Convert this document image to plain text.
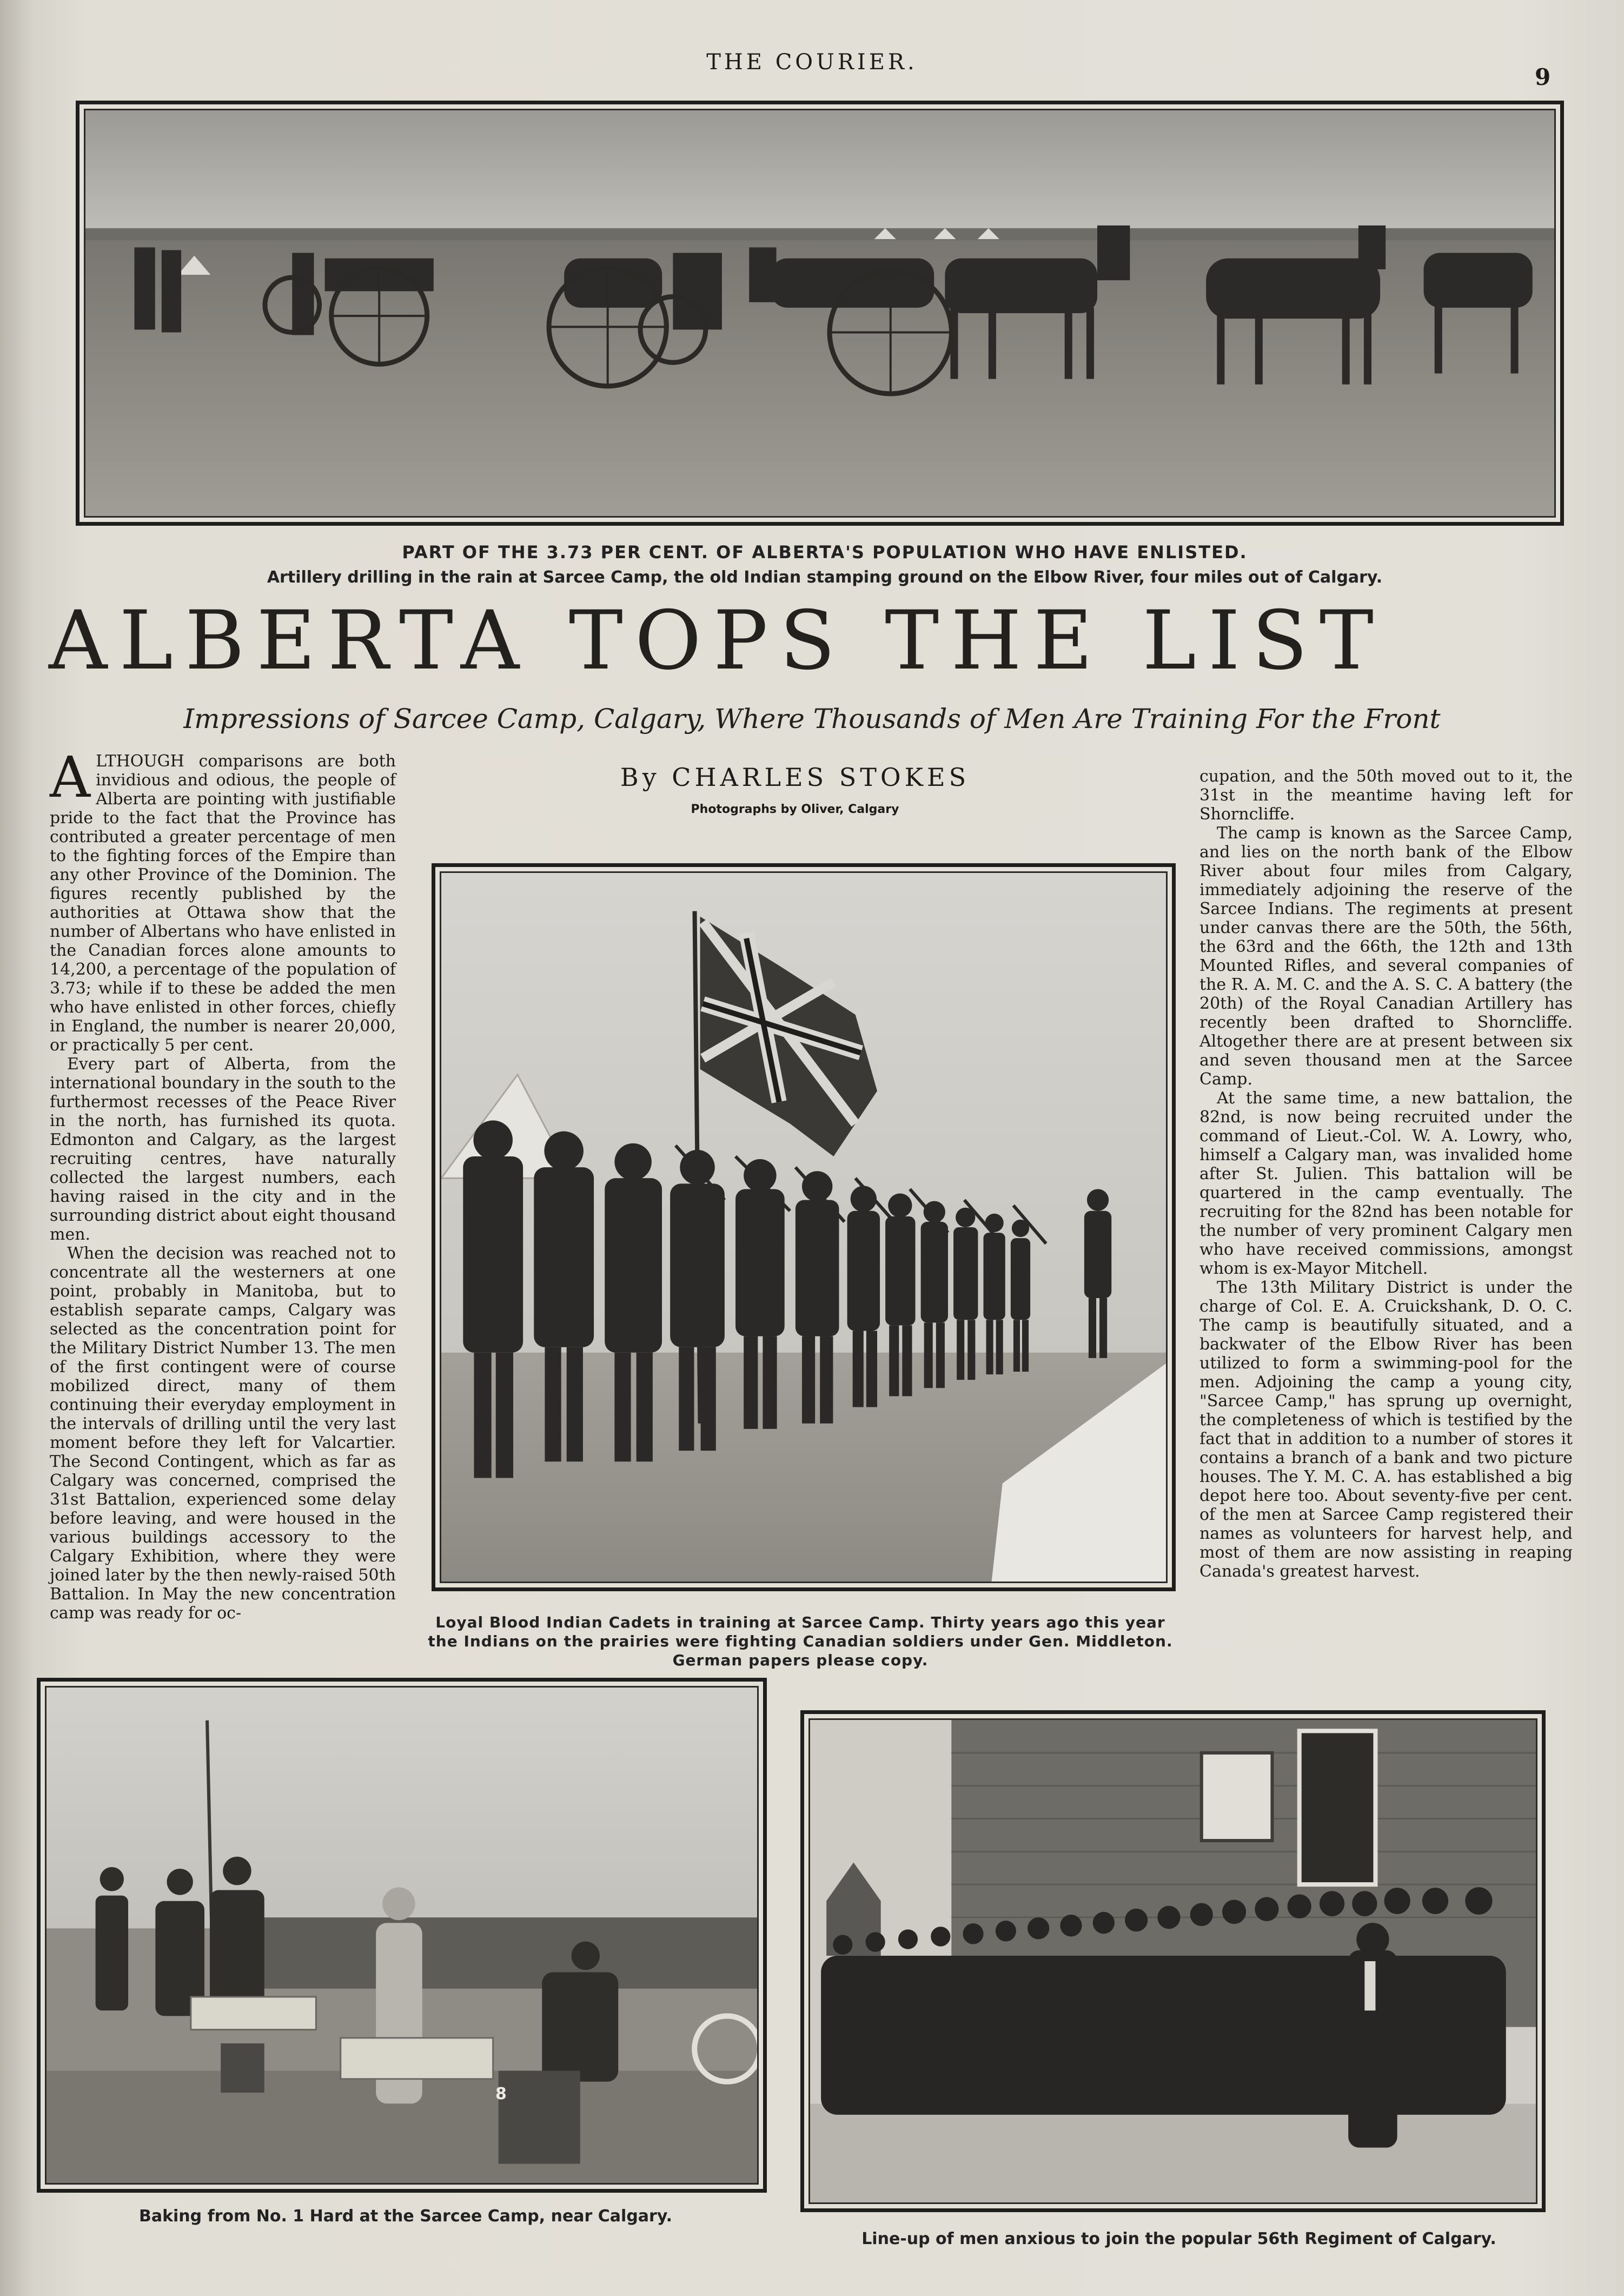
THE COURIER.
9
PART OF THE 3.73 PER CENT. OF ALBERTA'S POPULATION WHO HAVE ENLISTED.
Artillery drilling in the rain at Sarcee Camp, the old Indian stamping ground on the Elbow River, four miles out of Calgary.
ALBERTA TOPS THE LIST
Impressions of Sarcee Camp, Calgary, Where Thousands of Men Are Training For the Front
By CHARLES STOKES
Photographs by Oliver, Calgary

ALTHOUGH comparisons are both invidious and odious, the people of Alberta are pointing with justifiable pride to the fact that the Province has contributed a greater percentage of men to the fighting forces of the Empire than any other Province of the Dominion. The figures recently published by the authorities at Ottawa show that the number of Albertans who have enlisted in the Canadian forces alone amounts to 14,200, a percentage of the population of 3.73; while if to these be added the men who have enlisted in other forces, chiefly in England, the number is nearer 20,000, or practically 5 per cent.

Every part of Alberta, from the international boundary in the south to the furthermost recesses of the Peace River in the north, has furnished its quota. Edmonton and Calgary, as the largest recruiting centres, have naturally collected the largest numbers, each having raised in the city and in the surrounding district about eight thousand men.

When the decision was reached not to concentrate all the westerners at one point, probably in Manitoba, but to establish separate camps, Calgary was selected as the concentration point for the Military District Number 13. The men of the first contingent were of course mobilized direct, many of them continuing their everyday employment in the intervals of drilling until the very last moment before they left for Valcartier. The Second Contingent, which as far as Calgary was concerned, comprised the 31st Battalion, experienced some delay before leaving, and were housed in the various buildings accessory to the Calgary Exhibition, where they were joined later by the then newly-raised 50th Battalion. In May the new concentration camp was ready for oc-

cupation, and the 50th moved out to it, the 31st in the meantime having left for Shorncliffe.

The camp is known as the Sarcee Camp, and lies on the north bank of the Elbow River about four miles from Calgary, immediately adjoining the reserve of the Sarcee Indians. The regiments at present under canvas there are the 50th, the 56th, the 63rd and the 66th, the 12th and 13th Mounted Rifles, and several companies of the R. A. M. C. and the A. S. C. A battery (the 20th) of the Royal Canadian Artillery has recently been drafted to Shorncliffe. Altogether there are at present between six and seven thousand men at the Sarcee Camp.

At the same time, a new battalion, the 82nd, is now being recruited under the command of Lieut.-Col. W. A. Lowry, who, himself a Calgary man, was invalided home after St. Julien. This battalion will be quartered in the camp eventually. The recruiting for the 82nd has been notable for the number of very prominent Calgary men who have received commissions, amongst whom is ex-Mayor Mitchell.

The 13th Military District is under the charge of Col. E. A. Cruickshank, D. O. C. The camp is beautifully situated, and a backwater of the Elbow River has been utilized to form a swimming-pool for the men. Adjoining the camp a young city, "Sarcee Camp," has sprung up overnight, the completeness of which is testified by the fact that in addition to a number of stores it contains a branch of a bank and two picture houses. The Y. M. C. A. has established a big depot here too. About seventy-five per cent. of the men at Sarcee Camp registered their names as volunteers for harvest help, and most of them are now assisting in reaping Canada's greatest harvest.

Loyal Blood Indian Cadets in training at Sarcee Camp. Thirty years ago this year the Indians on the prairies were fighting Canadian soldiers under Gen. Middleton. German papers please copy.
8
Baking from No. 1 Hard at the Sarcee Camp, near Calgary.
Line-up of men anxious to join the popular 56th Regiment of Calgary.
